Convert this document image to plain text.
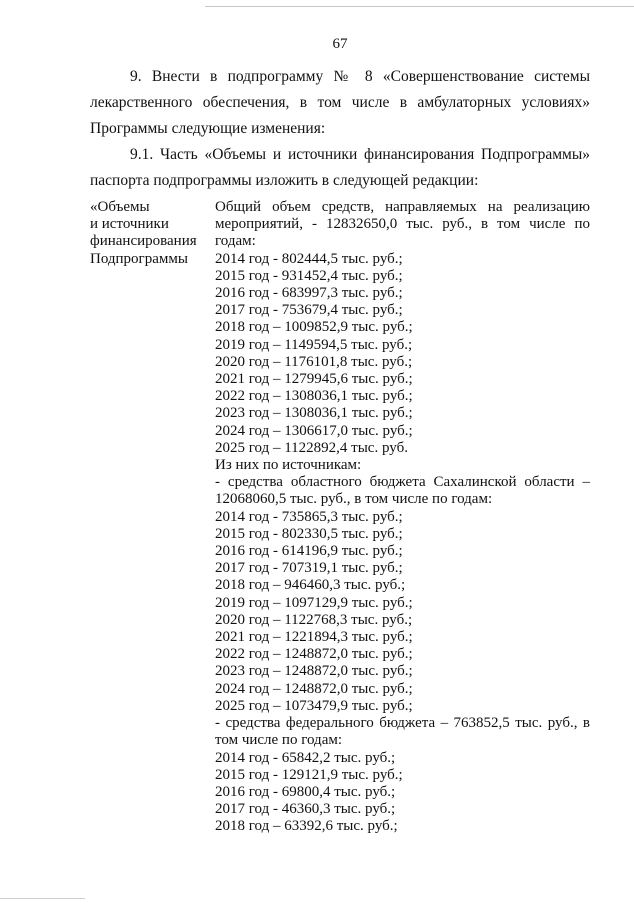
67

9. Внести в подпрограмму № 8 «Совершенствование системы лекарственного обеспечения, в том числе в амбулаторных условиях» Программы следующие изменения:

9.1. Часть «Объемы и источники финансирования Подпрограммы» паспорта подпрограммы изложить в следующей редакции:

«Объемы
и источники
финансирования
Подпрограммы
Общий объем средств, направляемых на реализацию мероприятий, - 12832650,0 тыс. руб., в том числе по годам:
2014 год - 802444,5 тыс. руб.;
2015 год - 931452,4 тыс. руб.;
2016 год - 683997,3 тыс. руб.;
2017 год - 753679,4 тыс. руб.;
2018 год – 1009852,9 тыс. руб.;
2019 год – 1149594,5 тыс. руб.;
2020 год – 1176101,8 тыс. руб.;
2021 год – 1279945,6 тыс. руб.;
2022 год – 1308036,1 тыс. руб.;
2023 год – 1308036,1 тыс. руб.;
2024 год – 1306617,0 тыс. руб.;
2025 год – 1122892,4 тыс. руб.
Из них по источникам:
- средства областного бюджета Сахалинской области – 12068060,5 тыс. руб., в том числе по годам:
2014 год - 735865,3 тыс. руб.;
2015 год - 802330,5 тыс. руб.;
2016 год - 614196,9 тыс. руб.;
2017 год - 707319,1 тыс. руб.;
2018 год – 946460,3 тыс. руб.;
2019 год – 1097129,9 тыс. руб.;
2020 год – 1122768,3 тыс. руб.;
2021 год – 1221894,3 тыс. руб.;
2022 год – 1248872,0 тыс. руб.;
2023 год – 1248872,0 тыс. руб.;
2024 год – 1248872,0 тыс. руб.;
2025 год – 1073479,9 тыс. руб.;
- средства федерального бюджета – 763852,5 тыс. руб., в том числе по годам:
2014 год - 65842,2 тыс. руб.;
2015 год - 129121,9 тыс. руб.;
2016 год - 69800,4 тыс. руб.;
2017 год - 46360,3 тыс. руб.;
2018 год – 63392,6 тыс. руб.;
